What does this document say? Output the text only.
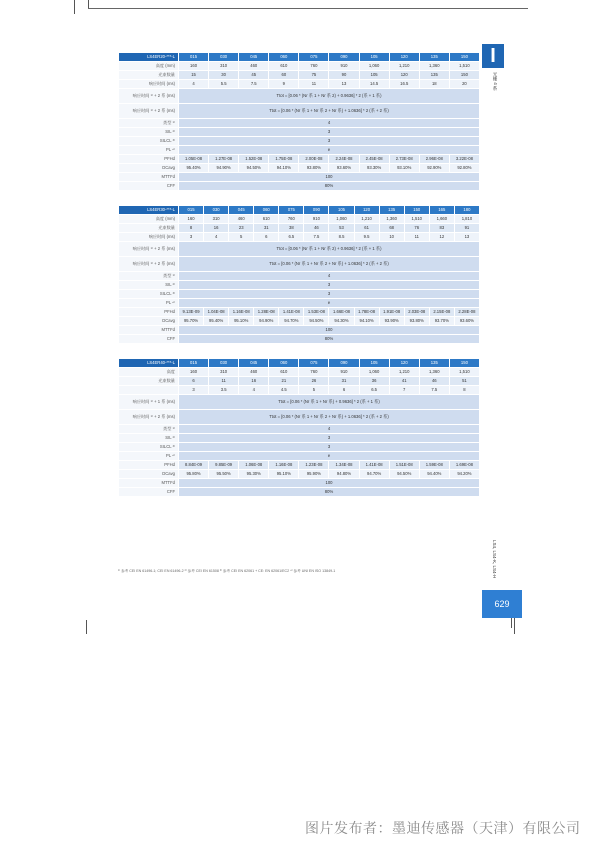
I
光栅 4 系
LS4, LS4-K, LS4-H
LS4ER20-***-L	015	030	045	060	075	090	105	120	135	150
高度 (mm)	160	310	460	610	760	910	1,060	1,210	1,360	1,510
光束数量	15	30	45	60	75	90	105	120	135	150
响应时间 (ms)	4	5.5	7.5	9	11	13	14.5	16.5	18	20
响应时间 ¹⁾ + 2 系 (ms)	Ttot = [0.06 * (Nr 系 1 + Nr 系 2) + 0.9636] * 2 (系 + 1 系)									
响应时间 ¹⁾ + 2 系 (ms)	Ttot = [0.06 * (Nr 系 1 + Nr 系 2 + Nr 系) + 1.0636] * 2 (系 + 2 系)									
类型 ¹⁾	4									
SIL ²⁾	3									
SILCL ³⁾	3									
PL ⁴⁾	e									
PFHd	1.05E-08	1.27E-08	1.52E-08	1.75E-08	2.00E-08	2.24E-08	2.45E-08	2.73E-08	2.96E-08	3.22E-08
DCavg	95.40%	94.90%	94.50%	94.10%	93.80%	93.60%	93.30%	93.10%	92.90%	92.80%
MTTFd	100									
CFF	80%									
LS4ER30-***-L	015	030	045	060	075	090	105	120	135	150	165	180
高度 (mm)	160	310	460	610	760	910	1,060	1,210	1,360	1,510	1,660	1,810
光束数量	8	16	23	31	38	46	53	61	68	76	83	91
响应时间 (ms)	3	4	5	6	6.5	7.5	8.5	9.5	10	11	12	13
响应时间 ¹⁾ + 2 系 (ms)	Ttot = [0.06 * (Nr 系 1 + Nr 系 2) + 0.9636] * 2 (系 + 1 系)											
响应时间 ¹⁾ + 2 系 (ms)	Ttot = [0.06 * (Nr 系 1 + Nr 系 2 + Nr 系) + 1.0636] * 2 (系 + 2 系)											
类型 ¹⁾	4											
SIL ²⁾	3											
SILCL ³⁾	3											
PL ⁴⁾	e											
PFHd	9.13E-09	1.04E-08	1.16E-08	1.28E-08	1.41E-08	1.53E-08	1.66E-08	1.78E-08	1.91E-08	2.03E-08	2.15E-08	2.28E-08
DCavg	95.70%	95.40%	95.10%	94.90%	94.70%	94.50%	94.30%	94.10%	93.90%	93.80%	93.70%	93.60%
MTTFd	100											
CFF	80%											
LS4ER40-***-L	015	030	045	060	075	090	105	120	135	150
高度	160	310	460	610	760	910	1,060	1,210	1,360	1,510
光束数量	6	11	16	21	26	31	36	41	46	51
	3	3.5	4	4.5	5	6	6.5	7	7.5	8
响应时间 ¹⁾ + 1 系 (ms)	Ttot = [0.06 * (Nr 系 1 + Nr 系) + 0.9636] * 2 (系 + 1 系)									
响应时间 ¹⁾ + 2 系 (ms)	Ttot = [0.06 * (Nr 系 1 + Nr 系 2 + Nr 系) + 1.0636] * 2 (系 + 2 系)									
类型 ¹⁾	4									
SIL ²⁾	3									
SILCL ³⁾	3									
PL ⁴⁾	e									
PFHd	8.84E-09	9.85E-09	1.06E-08	1.16E-08	1.23E-08	1.34E-08	1.41E-08	1.51E-08	1.59E-08	1.69E-08
DCavg	95.80%	95.50%	95.30%	95.10%	95.90%	94.80%	94.70%	94.50%	94.40%	94.20%
MTTFd	100									
CFF	80%									
¹⁾ 参考 CEI EN 61496-1; CEI EN 61496-2 ²⁾ 参考 CEI EN 61508 ³⁾ 参考 CEI EN 62061 + CE: EN 62061/EC2 ⁴⁾ 参考 UNI EN ISO 13849-1
629
图片发布者：墨迪传感器（天津）有限公司
